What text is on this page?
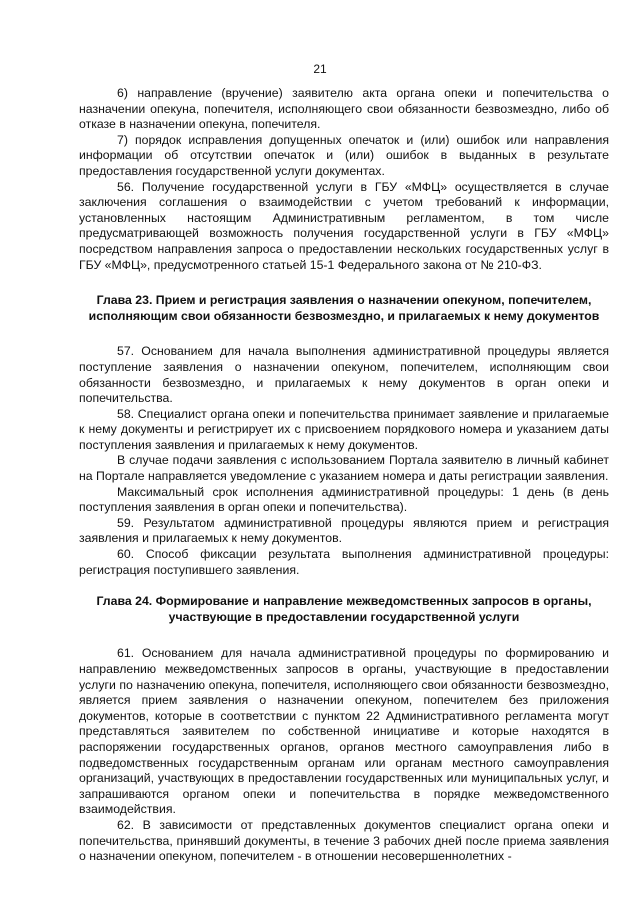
21

6) направление (вручение) заявителю акта органа опеки и попечительства о назначении опекуна, попечителя, исполняющего свои обязанности безвозмездно, либо об отказе в назначении опекуна, попечителя.

7) порядок исправления допущенных опечаток и (или) ошибок или направления информации об отсутствии опечаток и (или) ошибок в выданных в результате предоставления государственной услуги документах.

56. Получение государственной услуги в ГБУ «МФЦ» осуществляется в случае заключения соглашения о взаимодействии с учетом требований к информации, установленных настоящим Административным регламентом, в том числе предусматривающей возможность получения государственной услуги в ГБУ «МФЦ» посредством направления запроса о предоставлении нескольких государственных услуг в ГБУ «МФЦ», предусмотренного статьей 15-1 Федерального закона от № 210-ФЗ.

Глава 23. Прием и регистрация заявления о назначении опекуном, попечителем, исполняющим свои обязанности безвозмездно, и прилагаемых к нему документов

57. Основанием для начала выполнения административной процедуры является поступление заявления о назначении опекуном, попечителем, исполняющим свои обязанности безвозмездно, и прилагаемых к нему документов в орган опеки и попечительства.

58. Специалист органа опеки и попечительства принимает заявление и прилагаемые к нему документы и регистрирует их с присвоением порядкового номера и указанием даты поступления заявления и прилагаемых к нему документов.

В случае подачи заявления с использованием Портала заявителю в личный кабинет на Портале направляется уведомление с указанием номера и даты регистрации заявления.

Максимальный срок исполнения административной процедуры: 1 день (в день поступления заявления в орган опеки и попечительства).

59. Результатом административной процедуры являются прием и регистрация заявления и прилагаемых к нему документов.

60. Способ фиксации результата выполнения административной процедуры: регистрация поступившего заявления.

Глава 24. Формирование и направление межведомственных запросов в органы, участвующие в предоставлении государственной услуги

61. Основанием для начала административной процедуры по формированию и направлению межведомственных запросов в органы, участвующие в предоставлении услуги по назначению опекуна, попечителя, исполняющего свои обязанности безвозмездно, является прием заявления о назначении опекуном, попечителем без приложения документов, которые в соответствии с пунктом 22 Административного регламента могут представляться заявителем по собственной инициативе и которые находятся в распоряжении государственных органов, органов местного самоуправления либо в подведомственных государственным органам или органам местного самоуправления организаций, участвующих в предоставлении государственных или муниципальных услуг, и запрашиваются органом опеки и попечительства в порядке межведомственного взаимодействия.

62. В зависимости от представленных документов специалист органа опеки и попечительства, принявший документы, в течение 3 рабочих дней после приема заявления о назначении опекуном, попечителем - в отношении несовершеннолетних -
